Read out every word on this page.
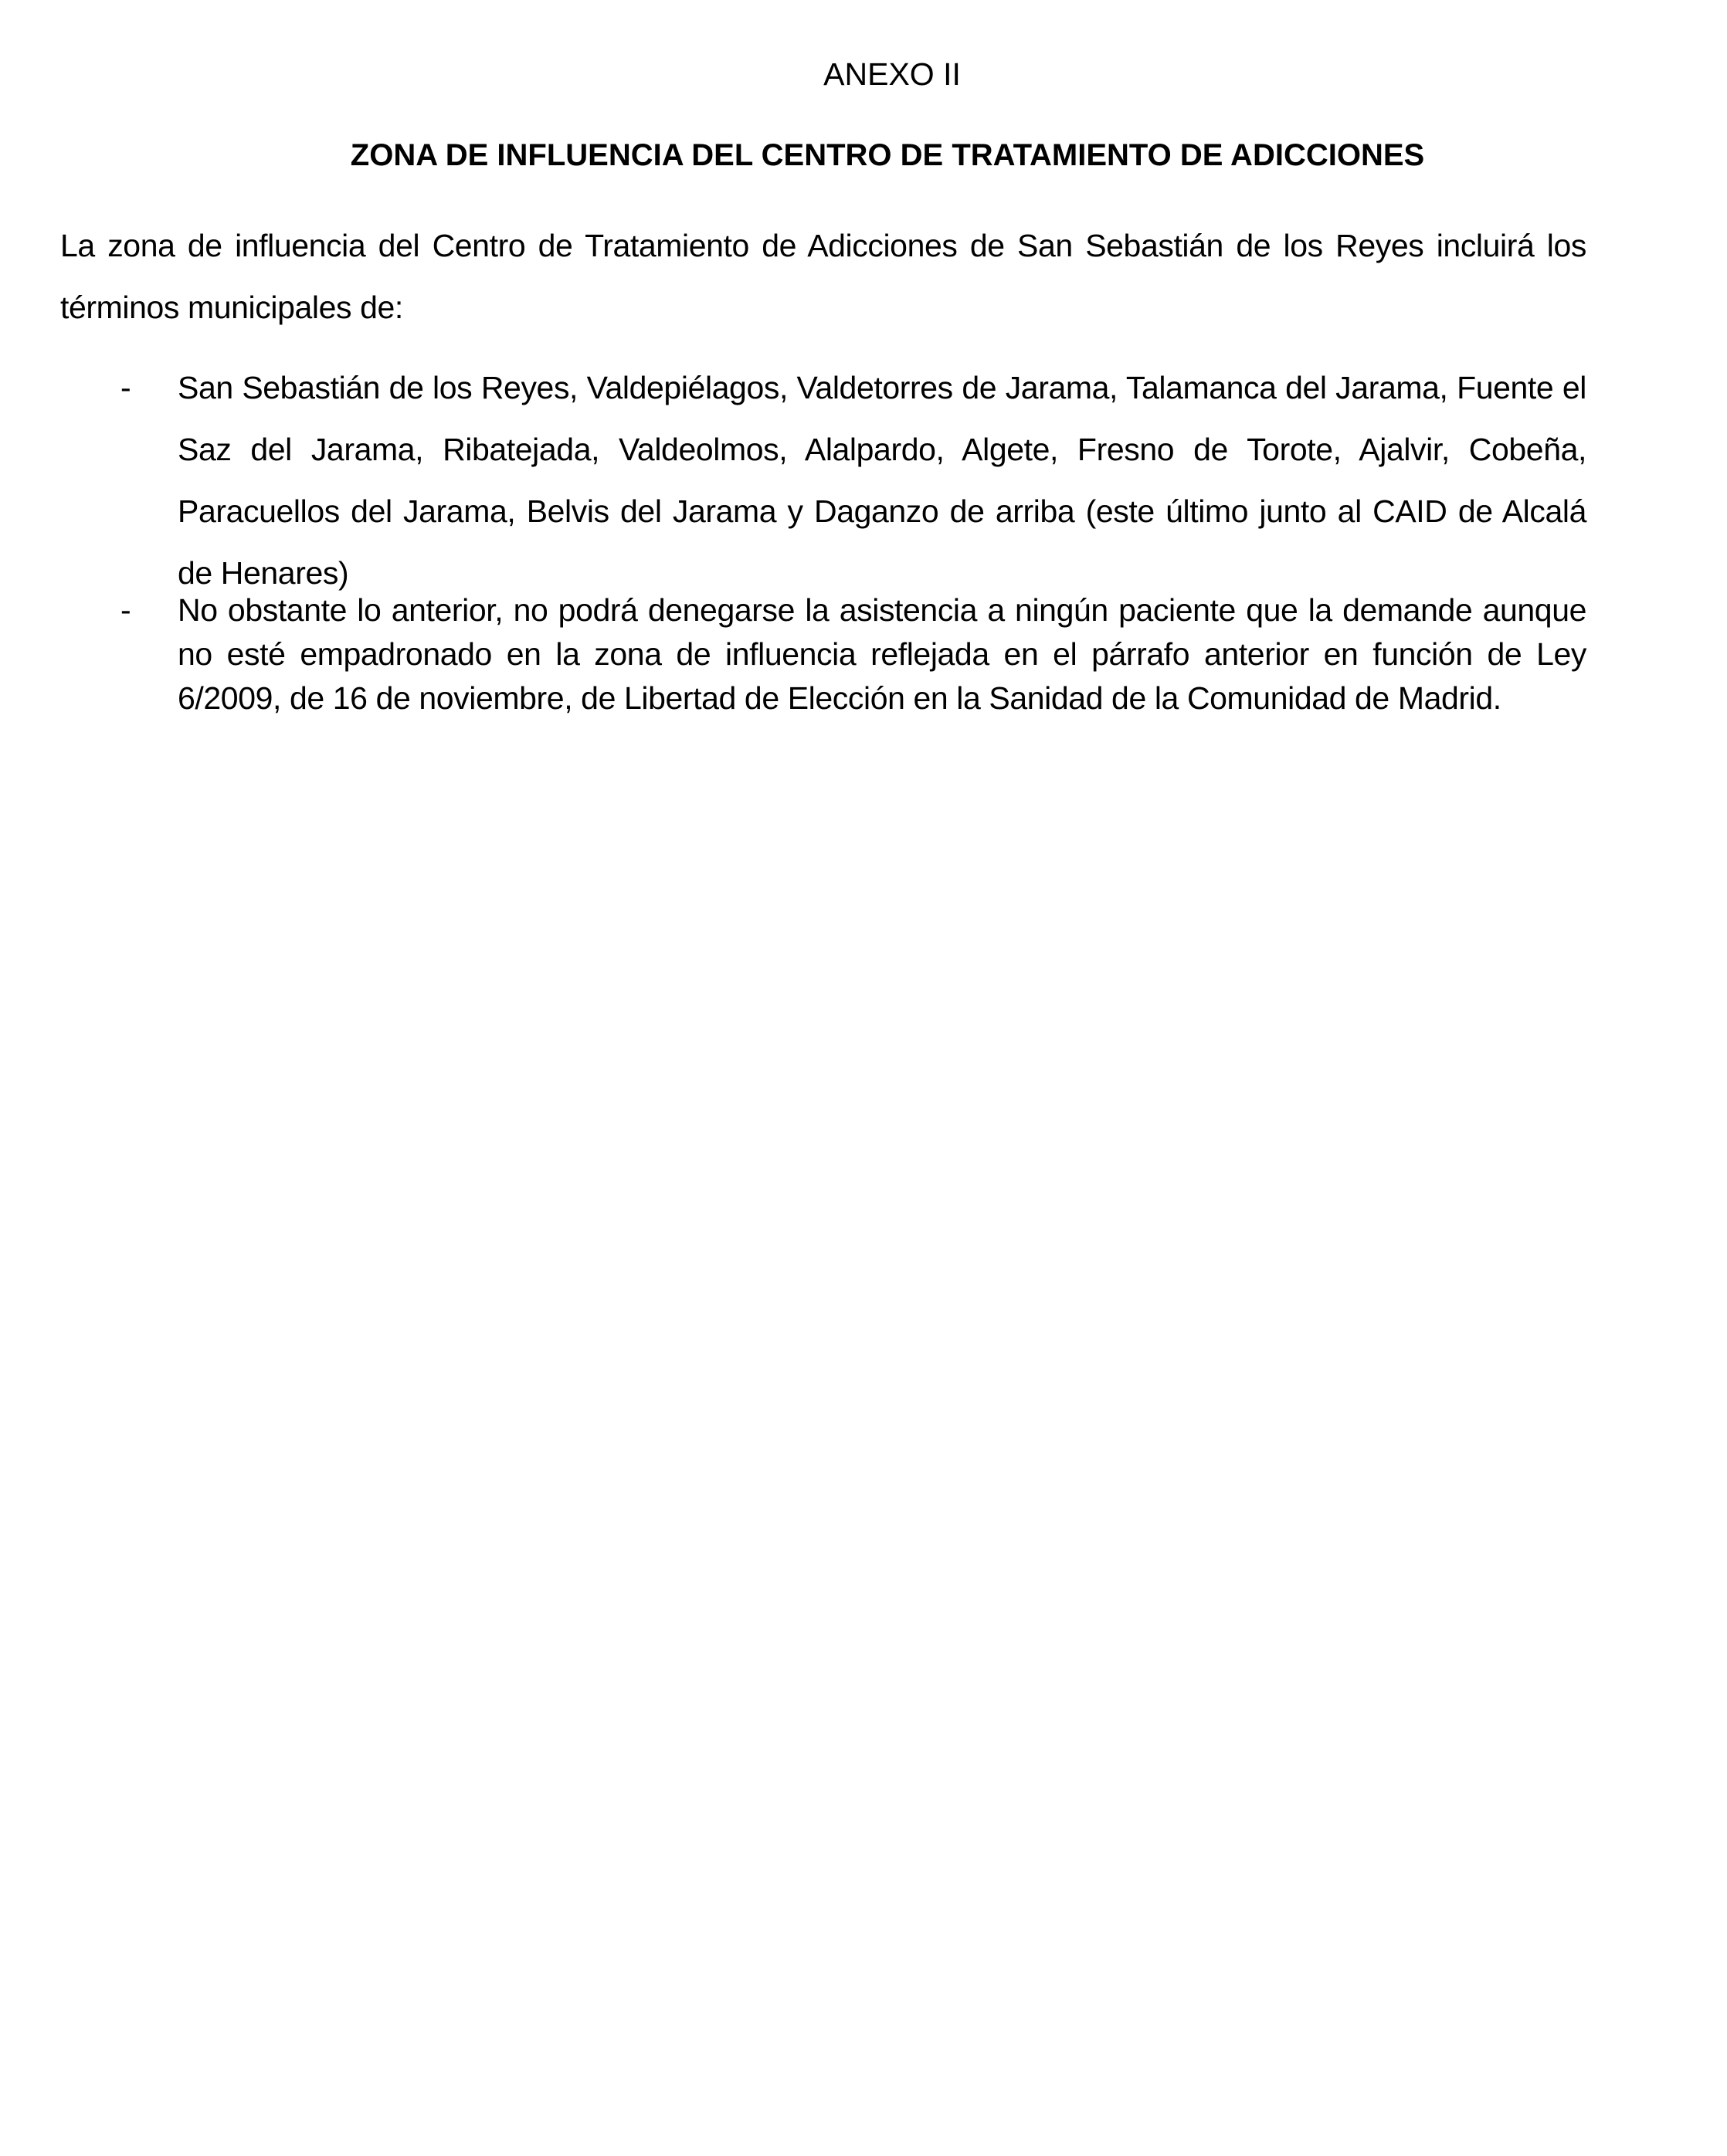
ANEXO II
ZONA DE INFLUENCIA DEL CENTRO DE TRATAMIENTO DE ADICCIONES
La zona de influencia del Centro de Tratamiento de Adicciones de San Sebastián de los Reyes incluirá los términos municipales de:
- San Sebastián de los Reyes, Valdepiélagos, Valdetorres de Jarama, Talamanca del Jarama, Fuente el Saz del Jarama, Ribatejada, Valdeolmos, Alalpardo, Algete, Fresno de Torote, Ajalvir, Cobeña, Paracuellos del Jarama, Belvis del Jarama y Daganzo de arriba (este último junto al CAID de Alcalá de Henares)
- No obstante lo anterior, no podrá denegarse la asistencia a ningún paciente que la demande aunque no esté empadronado en la zona de influencia reflejada en el párrafo anterior en función de Ley 6/2009, de 16 de noviembre, de Libertad de Elección en la Sanidad de la Comunidad de Madrid.
